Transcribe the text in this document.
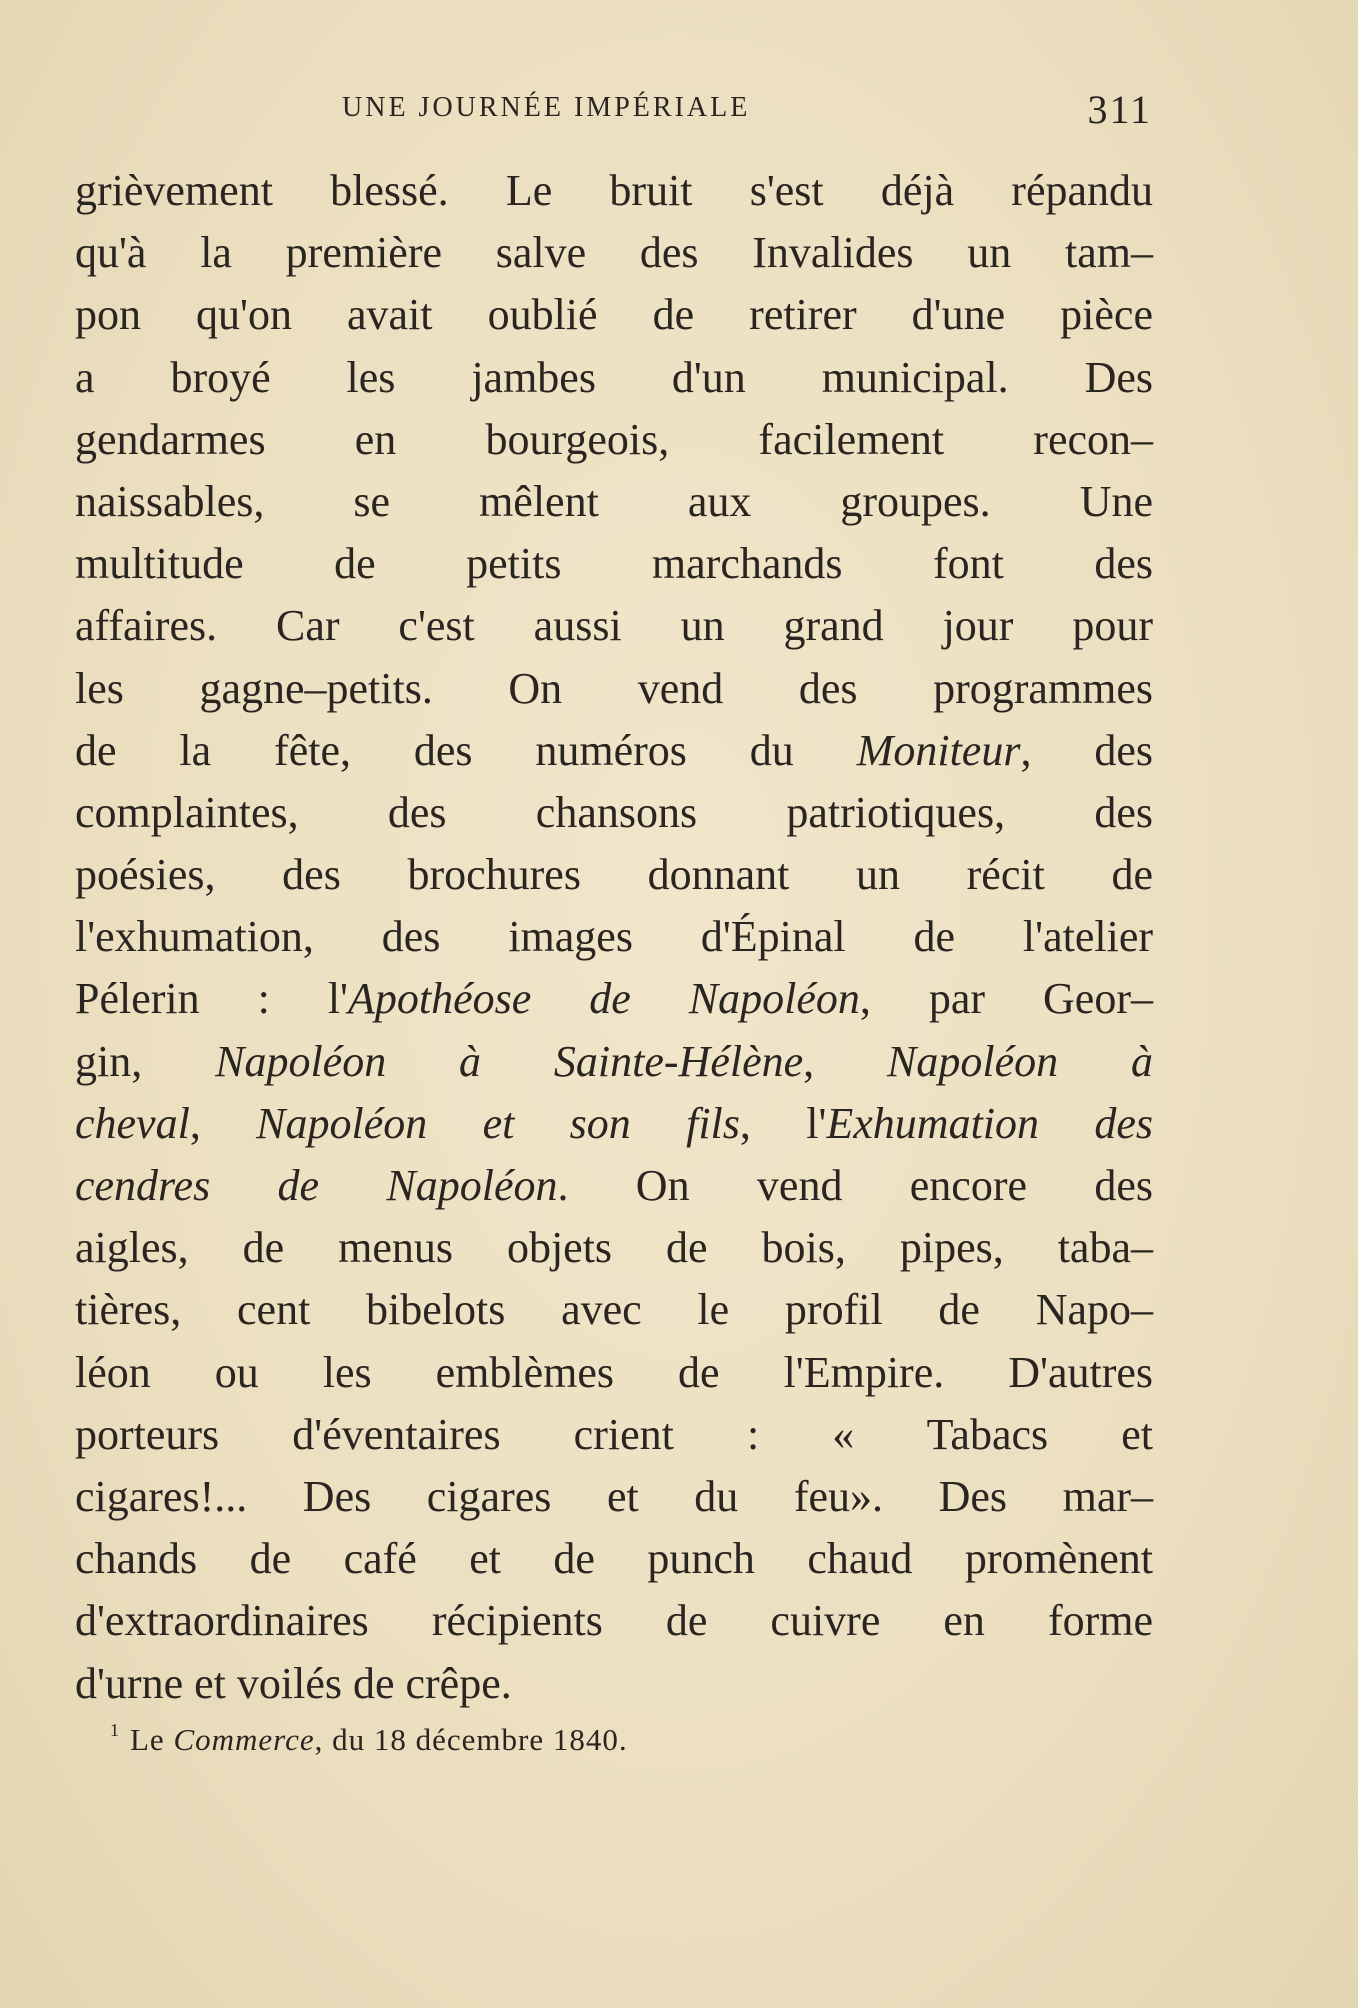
UNE JOURNÉE IMPÉRIALE	311
grièvement blessé. Le bruit s'est déjà répandu
qu'à la première salve des Invalides un tam–
pon qu'on avait oublié de retirer d'une pièce
a broyé les jambes d'un municipal. Des
gendarmes en bourgeois, facilement recon–
naissables, se mêlent aux groupes. Une
multitude de petits marchands font des
affaires. Car c'est aussi un grand jour pour
les gagne–petits. On vend des programmes
de la fête, des numéros du Moniteur, des
complaintes, des chansons patriotiques, des
poésies, des brochures donnant un récit de
l'exhumation, des images d'Épinal de l'atelier
Pélerin : l'Apothéose de Napoléon, par Geor–
gin, Napoléon à Sainte-Hélène, Napoléon à
cheval, Napoléon et son fils, l'Exhumation des
cendres de Napoléon. On vend encore des
aigles, de menus objets de bois, pipes, taba–
tières, cent bibelots avec le profil de Napo–
léon ou les emblèmes de l'Empire. D'autres
porteurs d'éventaires crient : « Tabacs et
cigares!... Des cigares et du feu». Des mar–
chands de café et de punch chaud promènent
d'extraordinaires récipients de cuivre en forme
d'urne et voilés de crêpe.
$^1$ Le Commerce, du 18 décembre 1840.
